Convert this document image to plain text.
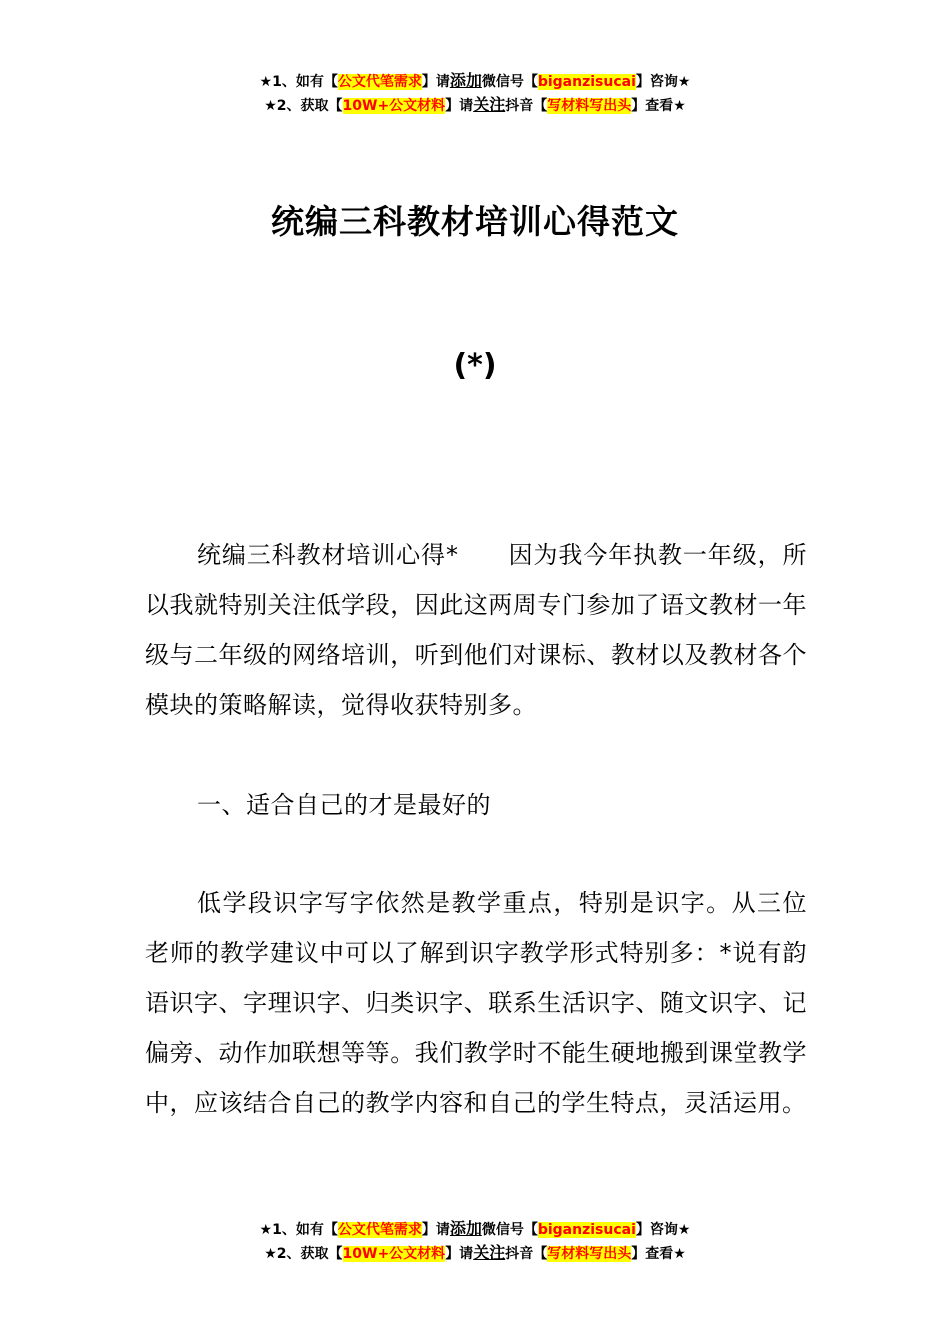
★1、如有【公文代笔需求】请添加微信号【biganzisucai】咨询★
★2、获取【10W+公文材料】请关注抖音【写材料写出头】查看★
统编三科教材培训心得范文
(*)

统编三科教材培训心得*　　因为我今年执教一年级，所以我就特别关注低学段，因此这两周专门参加了语文教材一年级与二年级的网络培训，听到他们对课标、教材以及教材各个模块的策略解读，觉得收获特别多。

一、适合自己的才是最好的

低学段识字写字依然是教学重点，特别是识字。从三位老师的教学建议中可以了解到识字教学形式特别多：*说有韵语识字、字理识字、归类识字、联系生活识字、随文识字、记偏旁、动作加联想等等。我们教学时不能生硬地搬到课堂教学中，应该结合自己的教学内容和自己的学生特点，灵活运用。

★1、如有【公文代笔需求】请添加微信号【biganzisucai】咨询★
★2、获取【10W+公文材料】请关注抖音【写材料写出头】查看★
